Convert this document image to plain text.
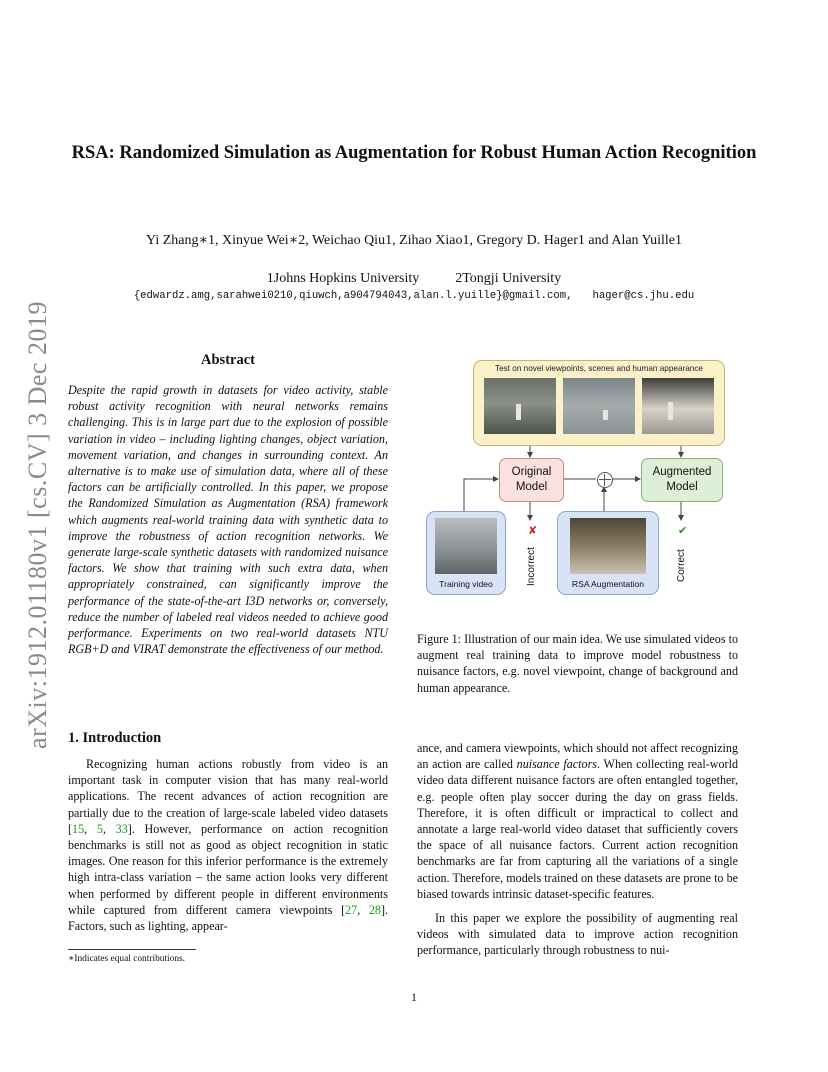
arXiv:1912.01180v1 [cs.CV] 3 Dec 2019
RSA: Randomized Simulation as Augmentation for Robust Human Action Recognition
Yi Zhang∗1, Xinyue Wei∗2, Weichao Qiu1, Zihao Xiao1, Gregory D. Hager1 and Alan Yuille1
1Johns Hopkins University	2Tongji University
{edwardz.amg,sarahwei0210,qiuwch,a904794043,alan.l.yuille}@gmail.com, hager@cs.jhu.edu
Abstract
Despite the rapid growth in datasets for video activity, stable robust activity recognition with neural networks remains challenging. This is in large part due to the explosion of possible variation in video – including lighting changes, object variation, movement variation, and changes in surrounding context. An alternative is to make use of simulation data, where all of these factors can be artificially controlled. In this paper, we propose the Randomized Simulation as Augmentation (RSA) framework which augments real-world training data with synthetic data to improve the robustness of action recognition networks. We generate large-scale synthetic datasets with randomized nuisance factors. We show that training with such extra data, when appropriately constrained, can significantly improve the performance of the state-of-the-art I3D networks or, conversely, reduce the number of labeled real videos needed to achieve good performance. Experiments on two real-world datasets NTU RGB+D and VIRAT demonstrate the effectiveness of our method.
1. Introduction

Recognizing human actions robustly from video is an important task in computer vision that has many real-world applications. The recent advances of action recognition are partially due to the creation of large-scale labeled video datasets [15, 5, 33]. However, performance on action recognition benchmarks is still not as good as object recognition in static images. One reason for this inferior performance is the extremely high intra-class variation – the same action looks very different when performed by different people in different environments while captured from different camera viewpoints [27, 28]. Factors, such as lighting, appear-

∗Indicates equal contributions.
Test on novel viewpoints, scenes and human appearance
Original Model
Augmented Model
Training video	RSA Augmentation
✘
Incorrect
✔
Correct
Figure 1: Illustration of our main idea. We use simulated videos to augment real training data to improve model robustness to nuisance factors, e.g. novel viewpoint, change of background and human appearance.

ance, and camera viewpoints, which should not affect recognizing an action are called nuisance factors. When collecting real-world video data different nuisance factors are often entangled together, e.g. people often play soccer during the day on grass fields. Therefore, it is often difficult or impractical to collect and annotate a large real-world video dataset that sufficiently covers the space of all nuisance factors. Current action recognition benchmarks are far from capturing all the variations of a single action. Therefore, models trained on these datasets are prone to be biased towards intrinsic dataset-specific features.

In this paper we explore the possibility of augmenting real videos with simulated data to improve action recognition performance, particularly through robustness to nui-

1
